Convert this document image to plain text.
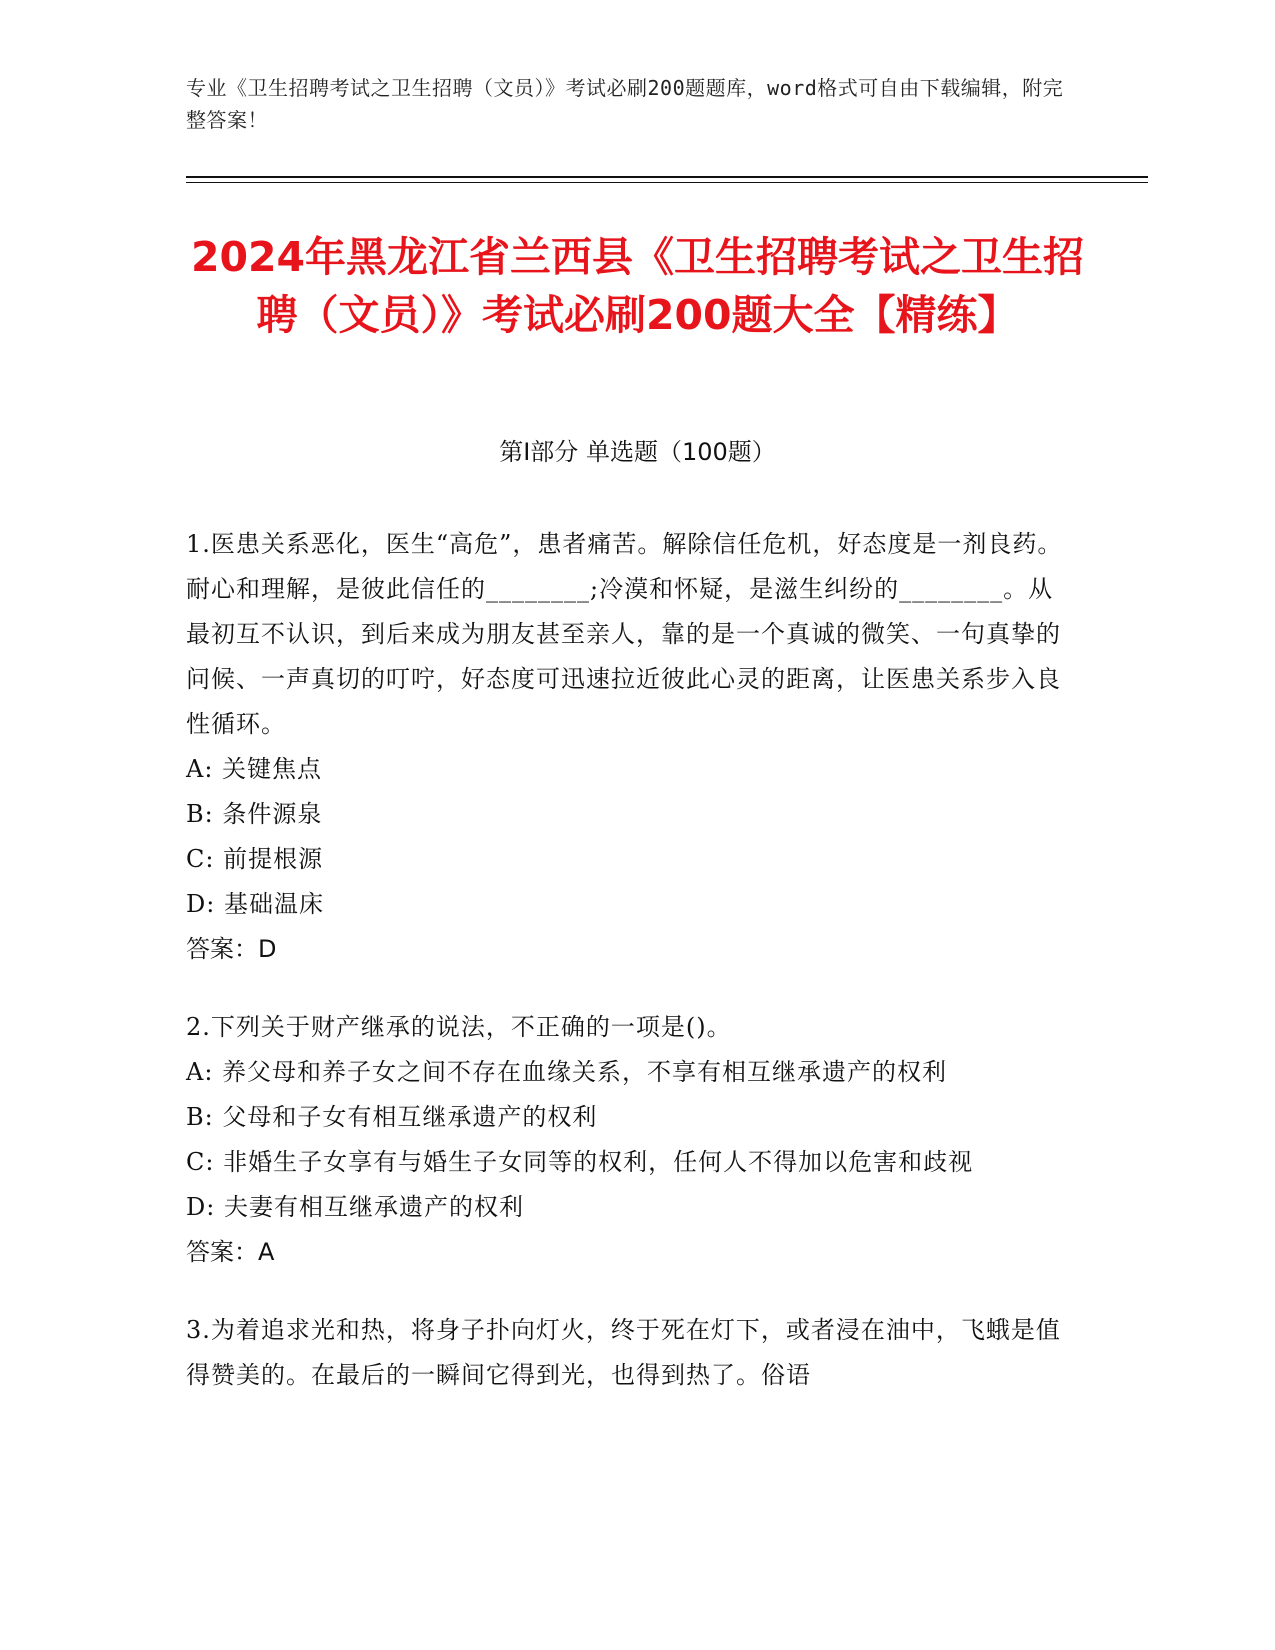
专业《卫生招聘考试之卫生招聘（文员）》考试必刷200题题库，word格式可自由下载编辑，附完整答案！
2024年黑龙江省兰西县《卫生招聘考试之卫生招聘（文员）》考试必刷200题大全【精练】
第I部分 单选题（100题）

1.医患关系恶化，医生“高危”，患者痛苦。解除信任危机，好态度是一剂良药。耐心和理解，是彼此信任的________;冷漠和怀疑，是滋生纠纷的________。从最初互不认识，到后来成为朋友甚至亲人，靠的是一个真诚的微笑、一句真挚的问候、一声真切的叮咛，好态度可迅速拉近彼此心灵的距离，让医患关系步入良性循环。

A: 关键焦点

B: 条件源泉

C: 前提根源

D: 基础温床

答案：D

2.下列关于财产继承的说法，不正确的一项是()。

A: 养父母和养子女之间不存在血缘关系，不享有相互继承遗产的权利

B: 父母和子女有相互继承遗产的权利

C: 非婚生子女享有与婚生子女同等的权利，任何人不得加以危害和歧视

D: 夫妻有相互继承遗产的权利

答案：A

3.为着追求光和热，将身子扑向灯火，终于死在灯下，或者浸在油中，飞蛾是值得赞美的。在最后的一瞬间它得到光，也得到热了。俗语
